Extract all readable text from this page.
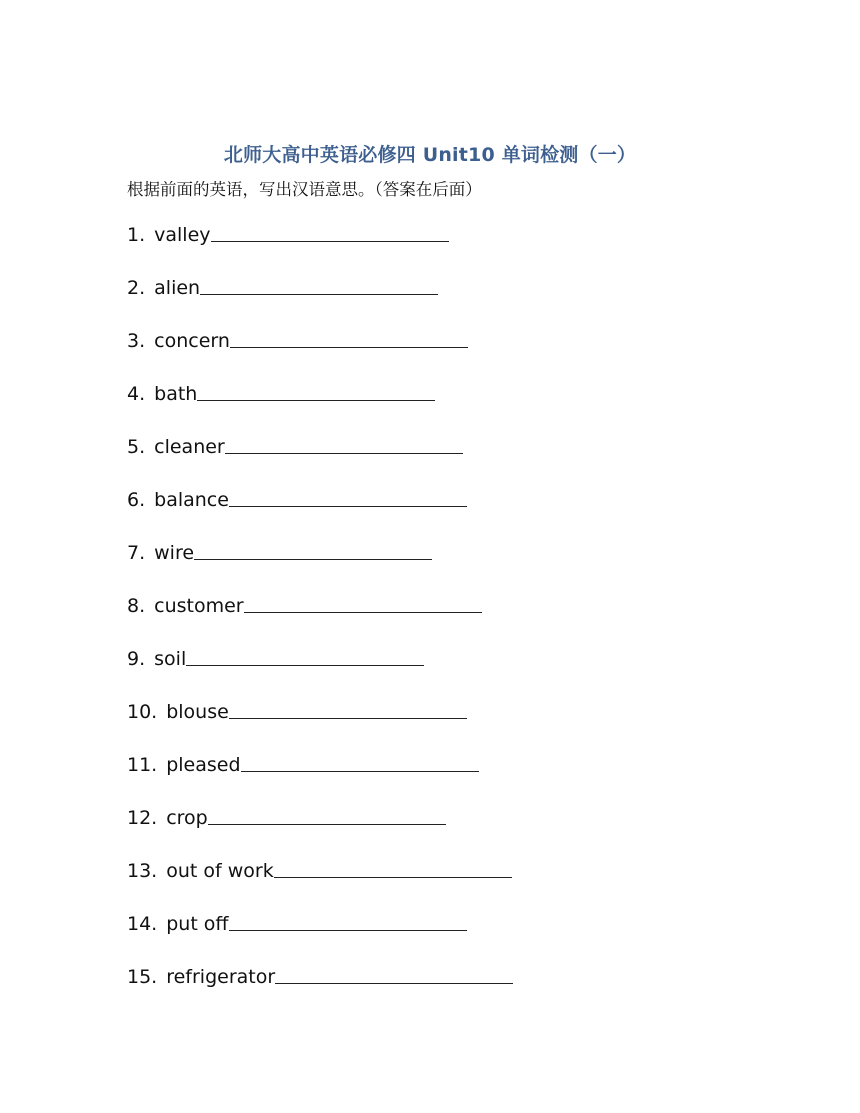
北师大高中英语必修四 Unit10 单词检测（一）
根据前面的英语，写出汉语意思。（答案在后面）
1. valley
2. alien
3. concern
4. bath
5. cleaner
6. balance
7. wire
8. customer
9. soil
10. blouse
11. pleased
12. crop
13. out of work
14. put off
15. refrigerator
